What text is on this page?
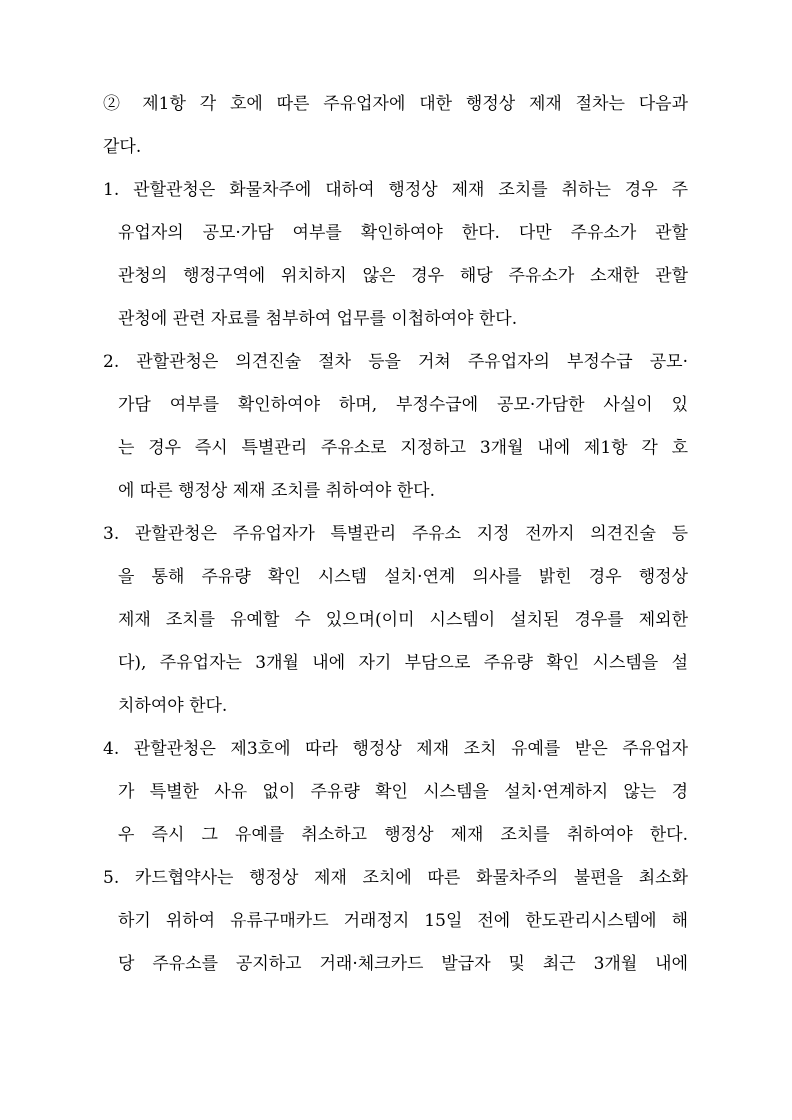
② 제1항 각 호에 따른 주유업자에 대한 행정상 제재 절차는 다음과
같다.
1. 관할관청은 화물차주에 대하여 행정상 제재 조치를 취하는 경우 주
유업자의 공모·가담 여부를 확인하여야 한다. 다만 주유소가 관할
관청의 행정구역에 위치하지 않은 경우 해당 주유소가 소재한 관할
관청에 관련 자료를 첨부하여 업무를 이첩하여야 한다.
2. 관할관청은 의견진술 절차 등을 거쳐 주유업자의 부정수급 공모·
가담 여부를 확인하여야 하며, 부정수급에 공모·가담한 사실이 있
는 경우 즉시 특별관리 주유소로 지정하고 3개월 내에 제1항 각 호
에 따른 행정상 제재 조치를 취하여야 한다.
3. 관할관청은 주유업자가 특별관리 주유소 지정 전까지 의견진술 등
을 통해 주유량 확인 시스템 설치·연계 의사를 밝힌 경우 행정상
제재 조치를 유예할 수 있으며(이미 시스템이 설치된 경우를 제외한
다), 주유업자는 3개월 내에 자기 부담으로 주유량 확인 시스템을 설
치하여야 한다.
4. 관할관청은 제3호에 따라 행정상 제재 조치 유예를 받은 주유업자
가 특별한 사유 없이 주유량 확인 시스템을 설치·연계하지 않는 경
우 즉시 그 유예를 취소하고 행정상 제재 조치를 취하여야 한다.
5. 카드협약사는 행정상 제재 조치에 따른 화물차주의 불편을 최소화
하기 위하여 유류구매카드 거래정지 15일 전에 한도관리시스템에 해
당 주유소를 공지하고 거래·체크카드 발급자 및 최근 3개월 내에
